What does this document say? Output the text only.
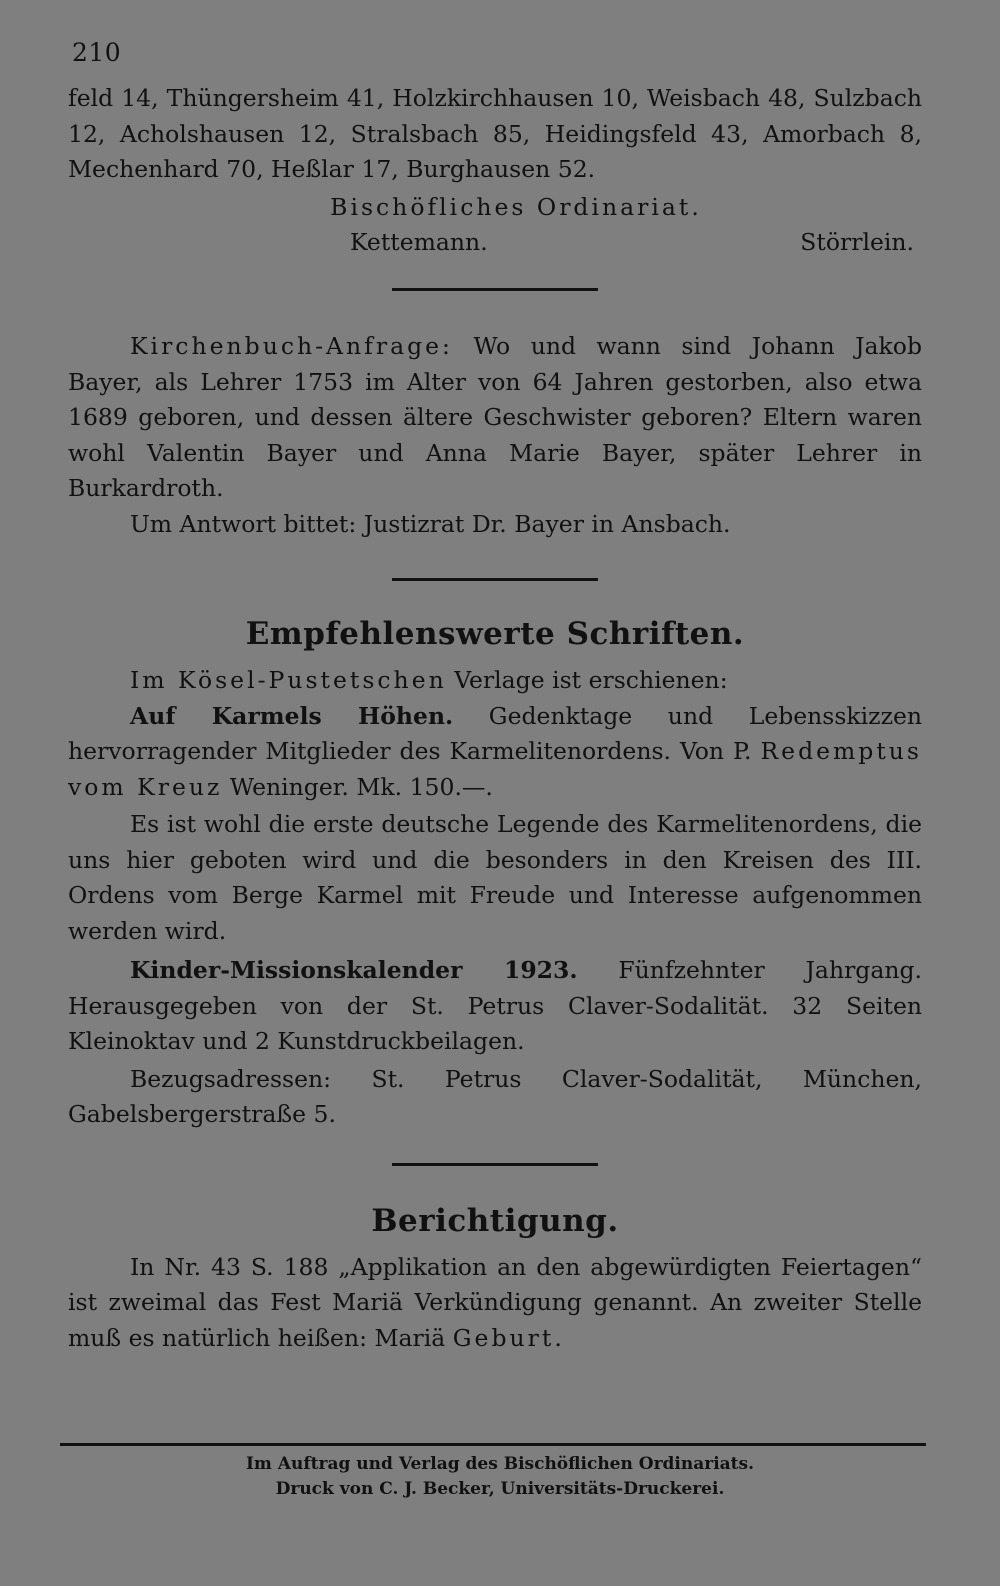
210

feld 14, Thüngersheim 41, Holzkirchhausen 10, Weisbach 48, Sulzbach 12, Acholshausen 12, Stralsbach 85, Heidingsfeld 43, Amorbach 8, Mechenhard 70, Heßlar 17, Burghausen 52.

Bischöfliches Ordinariat.

Kettemann.	Störrlein.

Kirchenbuch-Anfrage: Wo und wann sind Johann Jakob Bayer, als Lehrer 1753 im Alter von 64 Jahren gestorben, also etwa 1689 geboren, und dessen ältere Geschwister geboren? Eltern waren wohl Valentin Bayer und Anna Marie Bayer, später Lehrer in Burkardroth.

Um Antwort bittet: Justizrat Dr. Bayer in Ansbach.

Empfehlenswerte Schriften.

Im Kösel-Pustetschen Verlage ist erschienen:

Auf Karmels Höhen. Gedenktage und Lebensskizzen hervorragender Mitglieder des Karmelitenordens. Von P. Redemptus vom Kreuz Weninger. Mk. 150.—.

Es ist wohl die erste deutsche Legende des Karmelitenordens, die uns hier geboten wird und die besonders in den Kreisen des III. Ordens vom Berge Karmel mit Freude und Interesse aufgenommen werden wird.

Kinder-Missionskalender 1923. Fünfzehnter Jahrgang. Herausgegeben von der St. Petrus Claver-Sodalität. 32 Seiten Kleinoktav und 2 Kunstdruckbeilagen.

Bezugsadressen: St. Petrus Claver-Sodalität, München, Gabelsbergerstraße 5.

Berichtigung.

In Nr. 43 S. 188 „Applikation an den abgewürdigten Feiertagen“ ist zweimal das Fest Mariä Verkündigung genannt. An zweiter Stelle muß es natürlich heißen: Mariä Geburt.

Im Auftrag und Verlag des Bischöflichen Ordinariats.
Druck von C. J. Becker, Universitäts-Druckerei.
